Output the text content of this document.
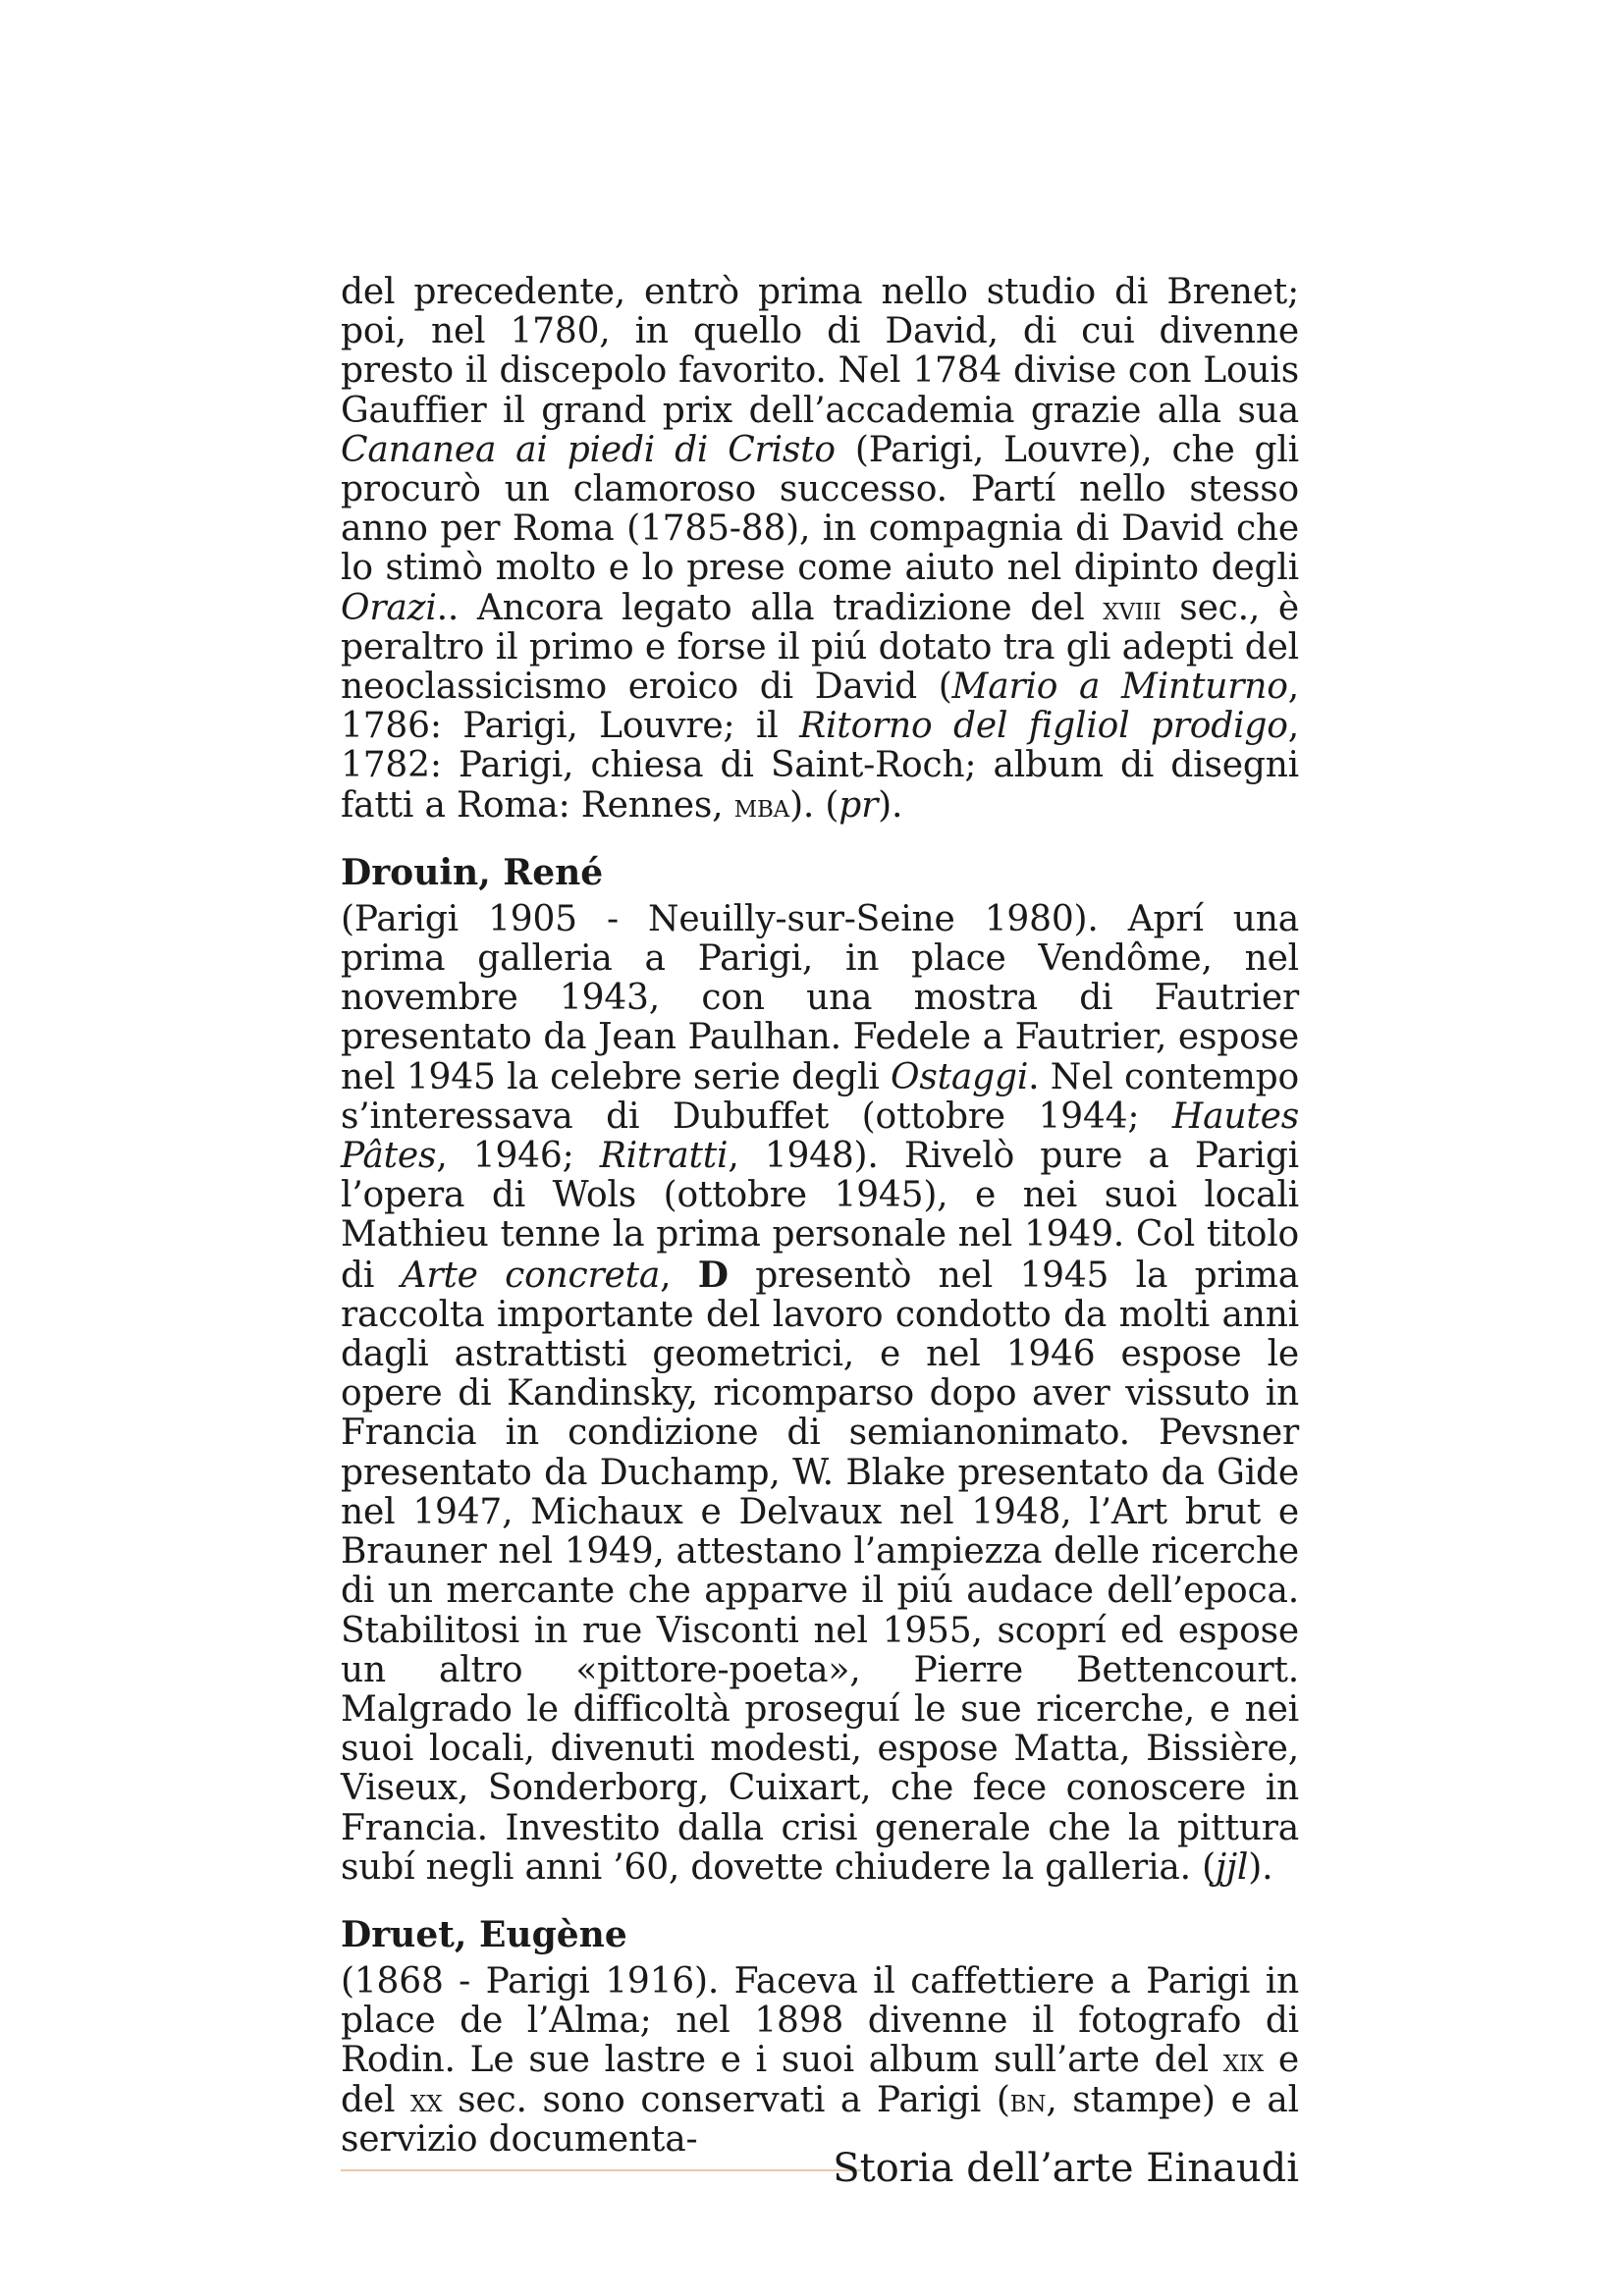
del precedente, entrò prima nello studio di Brenet; poi, nel 1780, in quello di David, di cui divenne presto il discepolo favorito. Nel 1784 divise con Louis Gauffier il grand prix dell’accademia grazie alla sua Cananea ai piedi di Cristo (Parigi, Louvre), che gli procurò un clamoroso successo. Partí nello stesso anno per Roma (1785-88), in compagnia di David che lo stimò molto e lo prese come aiuto nel dipinto degli Orazi.. Ancora legato alla tradizione del xviii sec., è peraltro il primo e forse il piú dotato tra gli adepti del neoclassicismo eroico di David (Mario a Minturno, 1786: Parigi, Louvre; il Ritorno del figliol prodigo, 1782: Parigi, chiesa di Saint-Roch; album di disegni fatti a Roma: Rennes, mba). (pr).

Drouin, René

(Parigi 1905 - Neuilly-sur-Seine 1980). Aprí una prima galleria a Parigi, in place Vendôme, nel novembre 1943, con una mostra di Fautrier presentato da Jean Paulhan. Fedele a Fautrier, espose nel 1945 la celebre serie degli Ostaggi. Nel contempo s’interessava di Dubuffet (ottobre 1944; Hautes Pâtes, 1946; Ritratti, 1948). Rivelò pure a Parigi l’opera di Wols (ottobre 1945), e nei suoi locali Mathieu tenne la prima personale nel 1949. Col titolo di Arte concreta, D presentò nel 1945 la prima raccolta importante del lavoro condotto da molti anni dagli astrattisti geometrici, e nel 1946 espose le opere di Kandinsky, ricomparso dopo aver vissuto in Francia in condizione di semianonimato. Pevsner presentato da Duchamp, W. Blake presentato da Gide nel 1947, Michaux e Delvaux nel 1948, l’Art brut e Brauner nel 1949, attestano l’ampiezza delle ricerche di un mercante che apparve il piú audace dell’epoca. Stabilitosi in rue Visconti nel 1955, scoprí ed espose un altro «pittore-poeta», Pierre Bettencourt. Malgrado le difficoltà proseguí le sue ricerche, e nei suoi locali, divenuti modesti, espose Matta, Bissière, Viseux, Sonderborg, Cuixart, che fece conoscere in Francia. Investito dalla crisi generale che la pittura subí negli anni ’60, dovette chiudere la galleria. (jjl).

Druet, Eugène

(1868 - Parigi 1916). Faceva il caffettiere a Parigi in place de l’Alma; nel 1898 divenne il fotografo di Rodin. Le sue lastre e i suoi album sull’arte del xix e del xx sec. sono conservati a Parigi (bn, stampe) e al servizio documenta-

Storia dell’arte Einaudi
